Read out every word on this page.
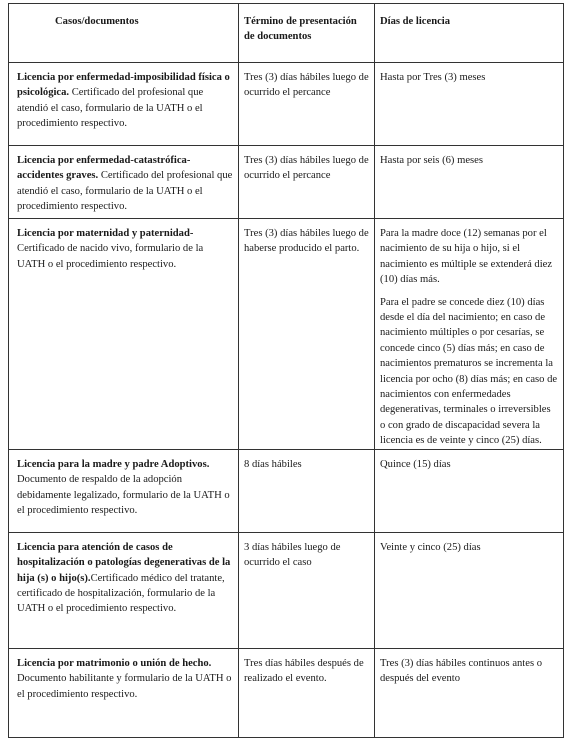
Casos/documentos	Término de presentación de documentos	Días de licencia
Licencia por enfermedad-imposibilidad física o psicológica. Certificado del profesional que atendió el caso, formulario de la UATH o el procedimiento respectivo.	Tres (3) días hábiles luego de ocurrido el percance	Hasta por Tres (3) meses
Licencia por enfermedad-catastrófica-accidentes graves. Certificado del profesional que atendió el caso, formulario de la UATH o el procedimiento respectivo.	Tres (3) días hábiles luego de ocurrido el percance	Hasta por seis (6) meses
Licencia por maternidad y paternidad- Certificado de nacido vivo, formulario de la UATH o el procedimiento respectivo.	Tres (3) días hábiles luego de haberse producido el parto.	Para la madre doce (12) semanas por el nacimiento de su hija o hijo, si el nacimiento es múltiple se extenderá diez (10) días más.
Para el padre se concede diez (10) días desde el día del nacimiento; en caso de nacimiento múltiples o por cesarías, se concede cinco (5) días más; en caso de nacimientos prematuros se incrementa la licencia por ocho (8) días más; en caso de nacimientos con enfermedades degenerativas, terminales o irreversibles o con grado de discapacidad severa la licencia es de veinte y cinco (25) días.

Licencia para la madre y padre Adoptivos. Documento de respaldo de la adopción debidamente legalizado, formulario de la UATH o el procedimiento respectivo.	8 días hábiles	Quince (15) días
Licencia para atención de casos de hospitalización o patologías degenerativas de la hija (s) o hijo(s).Certificado médico del tratante, certificado de hospitalización, formulario de la UATH o el procedimiento respectivo.	3 días hábiles luego de ocurrido el caso	Veinte y cinco (25) días
Licencia por matrimonio o unión de hecho. Documento habilitante y formulario de la UATH o el procedimiento respectivo.	Tres días hábiles después de realizado el evento.	Tres (3) días hábiles continuos antes o después del evento
